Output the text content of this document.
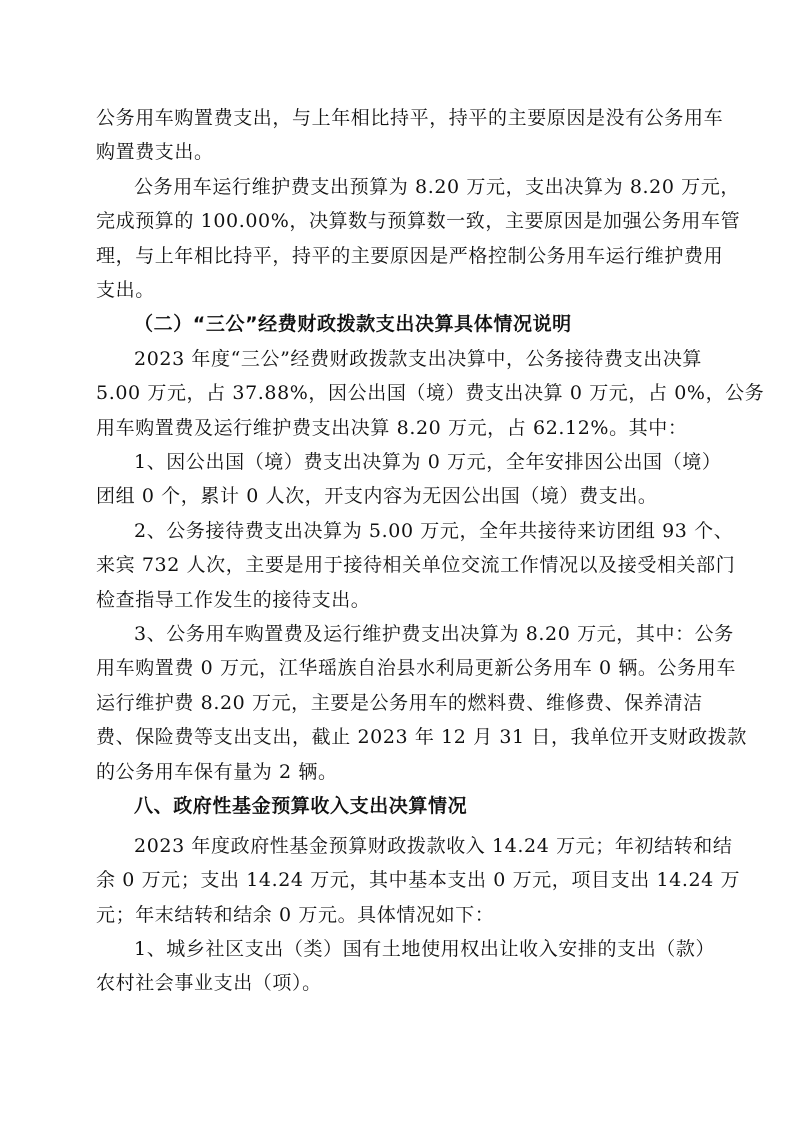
公务用车购置费支出，与上年相比持平，持平的主要原因是没有公务用车
购置费支出。
公务用车运行维护费支出预算为 8.20 万元，支出决算为 8.20 万元，
完成预算的 100.00%，决算数与预算数一致，主要原因是加强公务用车管
理，与上年相比持平，持平的主要原因是严格控制公务用车运行维护费用
支出。
（二）“三公”经费财政拨款支出决算具体情况说明
2023 年度“三公”经费财政拨款支出决算中，公务接待费支出决算
5.00 万元，占 37.88%，因公出国（境）费支出决算 0 万元，占 0%，公务
用车购置费及运行维护费支出决算 8.20 万元，占 62.12%。其中：
1、因公出国（境）费支出决算为 0 万元，全年安排因公出国（境）
团组 0 个，累计 0 人次，开支内容为无因公出国（境）费支出。
2、公务接待费支出决算为 5.00 万元，全年共接待来访团组 93 个、
来宾 732 人次，主要是用于接待相关单位交流工作情况以及接受相关部门
检查指导工作发生的接待支出。
3、公务用车购置费及运行维护费支出决算为 8.20 万元，其中：公务
用车购置费 0 万元，江华瑶族自治县水利局更新公务用车 0 辆。公务用车
运行维护费 8.20 万元，主要是公务用车的燃料费、维修费、保养清洁
费、保险费等支出支出，截止 2023 年 12 月 31 日，我单位开支财政拨款
的公务用车保有量为 2 辆。
八、政府性基金预算收入支出决算情况
2023 年度政府性基金预算财政拨款收入 14.24 万元；年初结转和结
余 0 万元；支出 14.24 万元，其中基本支出 0 万元，项目支出 14.24 万
元；年末结转和结余 0 万元。具体情况如下：
1、城乡社区支出（类）国有土地使用权出让收入安排的支出（款）
农村社会事业支出（项）。
